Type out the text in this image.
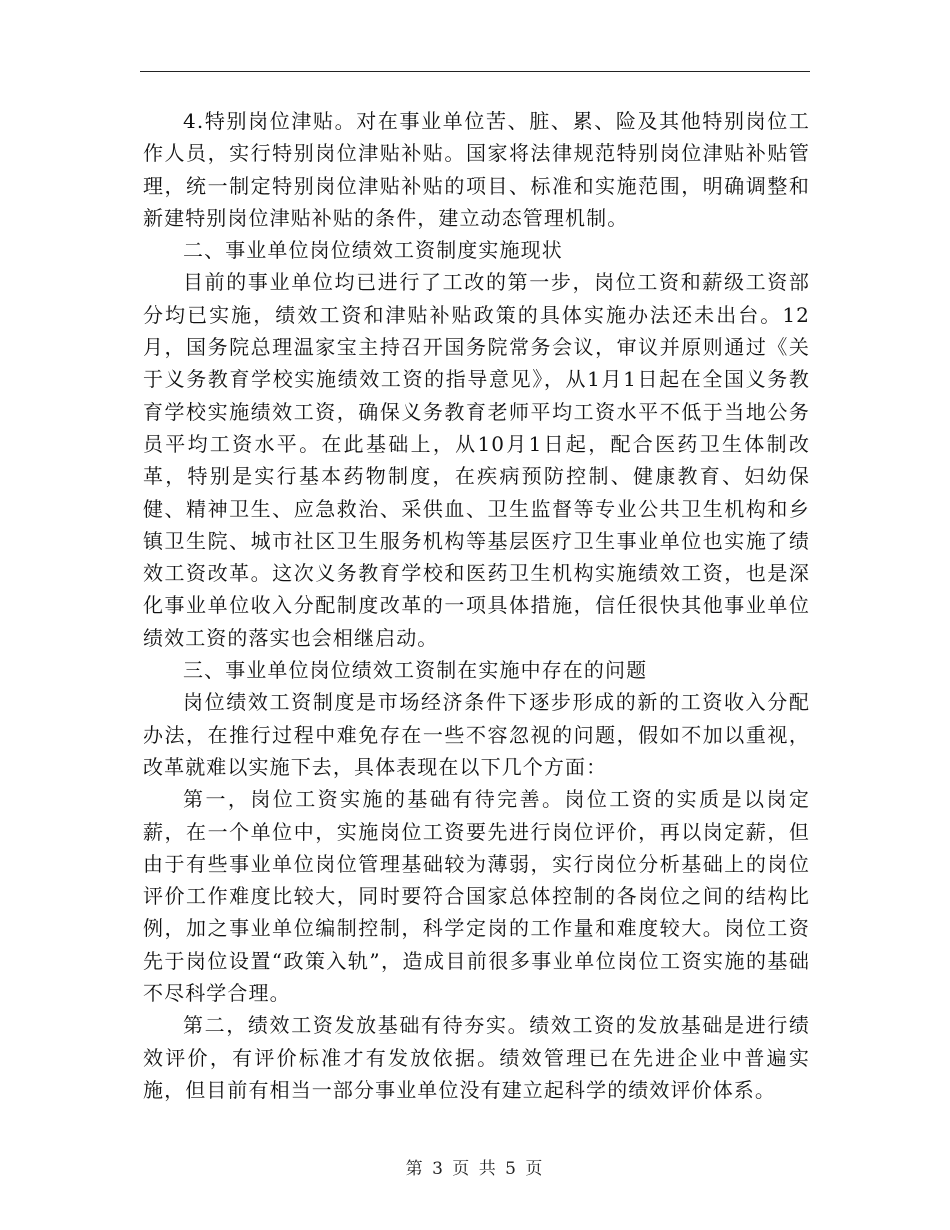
4.特别岗位津贴。对在事业单位苦、脏、累、险及其他特别岗位工作人员，实行特别岗位津贴补贴。国家将法律规范特别岗位津贴补贴管理，统一制定特别岗位津贴补贴的项目、标准和实施范围，明确调整和新建特别岗位津贴补贴的条件，建立动态管理机制。

二、事业单位岗位绩效工资制度实施现状

目前的事业单位均已进行了工改的第一步，岗位工资和薪级工资部分均已实施，绩效工资和津贴补贴政策的具体实施办法还未出台。12月，国务院总理温家宝主持召开国务院常务会议，审议并原则通过《关于义务教育学校实施绩效工资的指导意见》，从1月1日起在全国义务教育学校实施绩效工资，确保义务教育老师平均工资水平不低于当地公务员平均工资水平。在此基础上，从10月1日起，配合医药卫生体制改革，特别是实行基本药物制度，在疾病预防控制、健康教育、妇幼保健、精神卫生、应急救治、采供血、卫生监督等专业公共卫生机构和乡镇卫生院、城市社区卫生服务机构等基层医疗卫生事业单位也实施了绩效工资改革。这次义务教育学校和医药卫生机构实施绩效工资，也是深化事业单位收入分配制度改革的一项具体措施，信任很快其他事业单位绩效工资的落实也会相继启动。

三、事业单位岗位绩效工资制在实施中存在的问题

岗位绩效工资制度是市场经济条件下逐步形成的新的工资收入分配办法，在推行过程中难免存在一些不容忽视的问题，假如不加以重视，改革就难以实施下去，具体表现在以下几个方面：

第一，岗位工资实施的基础有待完善。岗位工资的实质是以岗定薪，在一个单位中，实施岗位工资要先进行岗位评价，再以岗定薪，但由于有些事业单位岗位管理基础较为薄弱，实行岗位分析基础上的岗位评价工作难度比较大，同时要符合国家总体控制的各岗位之间的结构比例，加之事业单位编制控制，科学定岗的工作量和难度较大。岗位工资先于岗位设置“政策入轨”，造成目前很多事业单位岗位工资实施的基础不尽科学合理。

第二，绩效工资发放基础有待夯实。绩效工资的发放基础是进行绩效评价，有评价标准才有发放依据。绩效管理已在先进企业中普遍实施，但目前有相当一部分事业单位没有建立起科学的绩效评价体系。

第 3 页 共 5 页
